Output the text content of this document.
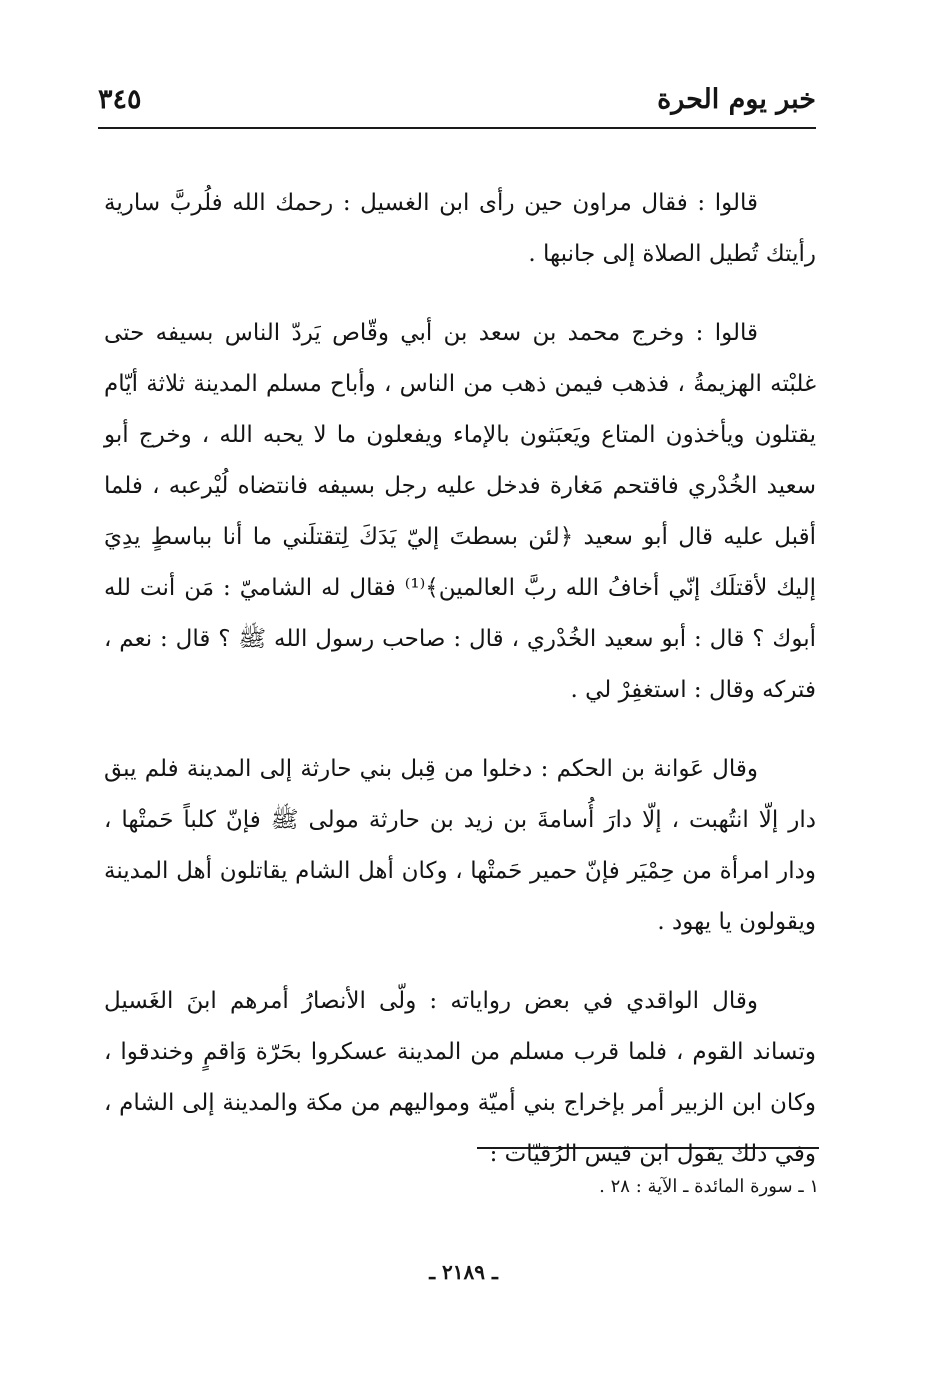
خبر يوم الحرة
٣٤٥

قالوا : فقال مراون حين رأى ابن الغسيل : رحمك الله فلُربَّ سارية رأيتك تُطيل الصلاة إلى جانبها .

قالوا : وخرج محمد بن سعد بن أبي وقّاص يَردّ الناس بسيفه حتى غلبْته الهزيمةُ ، فذهب فيمن ذهب من الناس ، وأباح مسلم المدينة ثلاثة أيّام يقتلون ويأخذون المتاع ويَعبَثون بالإماء ويفعلون ما لا يحبه الله ، وخرج أبو سعيد الخُدْري فاقتحم مَغارة فدخل عليه رجل بسيفه فانتضاه لُيْرعبه ، فلما أقبل عليه قال أبو سعيد ﴿لئن بسطتَ إليّ يَدَكَ لِتقتلَني ما أنا بباسطٍ يدِيَ إليك لأقتلَك إنّي أخافُ الله ربَّ العالمين﴾⁽¹⁾ فقال له الشاميّ : مَن أنت لله أبوك ؟ قال : أبو سعيد الخُدْري ، قال : صاحب رسول الله ﷺ ؟ قال : نعم ، فتركه وقال : استغفِرْ لي .

وقال عَوانة بن الحكم : دخلوا من قِبل بني حارثة إلى المدينة فلم يبق دار إلّا انتُهبت ، إلّا دارَ أُسامةَ بن زيد بن حارثة مولى ﷺ فإنّ كلباً حَمتْها ، ودار امرأة من حِمْيَر فإنّ حمير حَمتْها ، وكان أهل الشام يقاتلون أهل المدينة ويقولون يا يهود .

وقال الواقدي في بعض رواياته : ولّى الأنصارُ أمرهم ابنَ الغَسيل وتساند القوم ، فلما قرب مسلم من المدينة عسكروا بحَرّة وَاقمٍ وخندقوا ، وكان ابن الزبير أمر بإخراج بني أميّة ومواليهم من مكة والمدينة إلى الشام ، وفي ذلك يقول ابن قيس الرُقيّات :

١ ـ سورة المائدة ـ الآية : ٢٨ .
ـ ٢١٨٩ ـ
